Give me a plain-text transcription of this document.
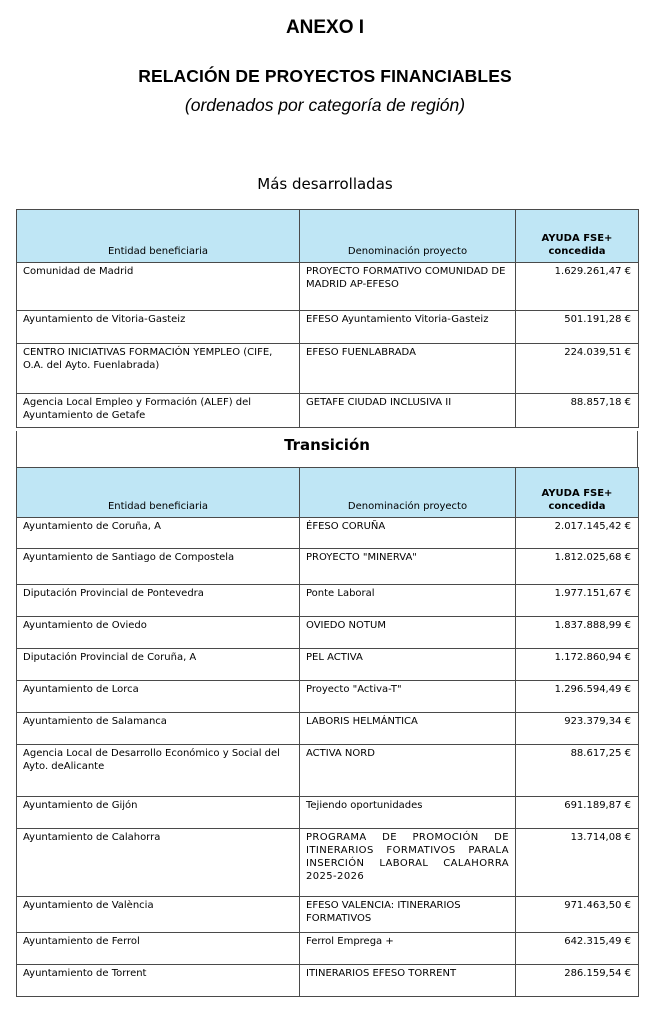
ANEXO I
RELACIÓN DE PROYECTOS FINANCIABLES
(ordenados por categoría de región)
Más desarrolladas
Entidad beneficiaria	Denominación proyecto	AYUDA FSE+ concedida
Comunidad de Madrid	PROYECTO FORMATIVO COMUNIDAD DE MADRID AP-EFESO	1.629.261,47 €
Ayuntamiento de Vitoria-Gasteiz	EFESO Ayuntamiento Vitoria-Gasteiz	501.191,28 €
CENTRO INICIATIVAS FORMACIÓN YEMPLEO (CIFE, O.A. del Ayto. Fuenlabrada)	EFESO FUENLABRADA	224.039,51 €
Agencia Local Empleo y Formación (ALEF) del Ayuntamiento de Getafe	GETAFE CIUDAD INCLUSIVA II	88.857,18 €
Transición
Entidad beneficiaria	Denominación proyecto	AYUDA FSE+ concedida
Ayuntamiento de Coruña, A	ÉFESO CORUÑA	2.017.145,42 €
Ayuntamiento de Santiago de Compostela	PROYECTO "MINERVA"	1.812.025,68 €
Diputación Provincial de Pontevedra	Ponte Laboral	1.977.151,67 €
Ayuntamiento de Oviedo	OVIEDO NOTUM	1.837.888,99 €
Diputación Provincial de Coruña, A	PEL ACTIVA	1.172.860,94 €
Ayuntamiento de Lorca	Proyecto "Activa-T"	1.296.594,49 €
Ayuntamiento de Salamanca	LABORIS HELMÁNTICA	923.379,34 €
Agencia Local de Desarrollo Económico y Social del Ayto. deAlicante	ACTIVA NORD	88.617,25 €
Ayuntamiento de Gijón	Tejiendo oportunidades	691.189,87 €
Ayuntamiento de Calahorra	PROGRAMA DE PROMOCIÓN DE ITINERARIOS FORMATIVOS PARALA INSERCIÓN LABORAL CALAHORRA 2025-2026	13.714,08 €
Ayuntamiento de València	EFESO VALENCIA: ITINERARIOS FORMATIVOS	971.463,50 €
Ayuntamiento de Ferrol	Ferrol Emprega +	642.315,49 €
Ayuntamiento de Torrent	ITINERARIOS EFESO TORRENT	286.159,54 €
